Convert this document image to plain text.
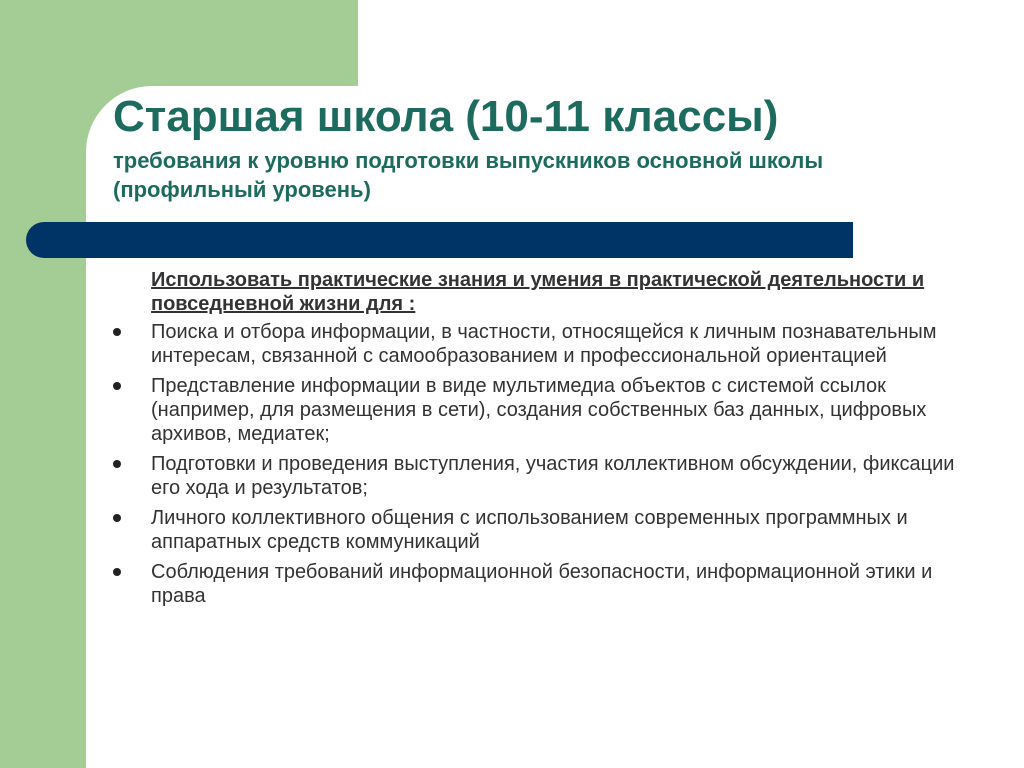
Старшая школа (10-11 классы)

требования к уровню подготовки выпускников основной школы (профильный уровень)

Использовать практические знания и умения в практической деятельности и повседневной жизни для :

Поиска и отбора информации, в частности, относящейся к личным познавательным интересам, связанной с самообразованием и профессиональной ориентацией
Представление информации в виде мультимедиа объектов с системой ссылок (например, для размещения в сети), создания собственных баз данных, цифровых архивов, медиатек;
Подготовки и проведения выступления, участия коллективном обсуждении, фиксации его хода и результатов;
Личного коллективного общения с использованием современных программных и аппаратных средств коммуникаций
Соблюдения требований информационной безопасности, информационной этики и права
